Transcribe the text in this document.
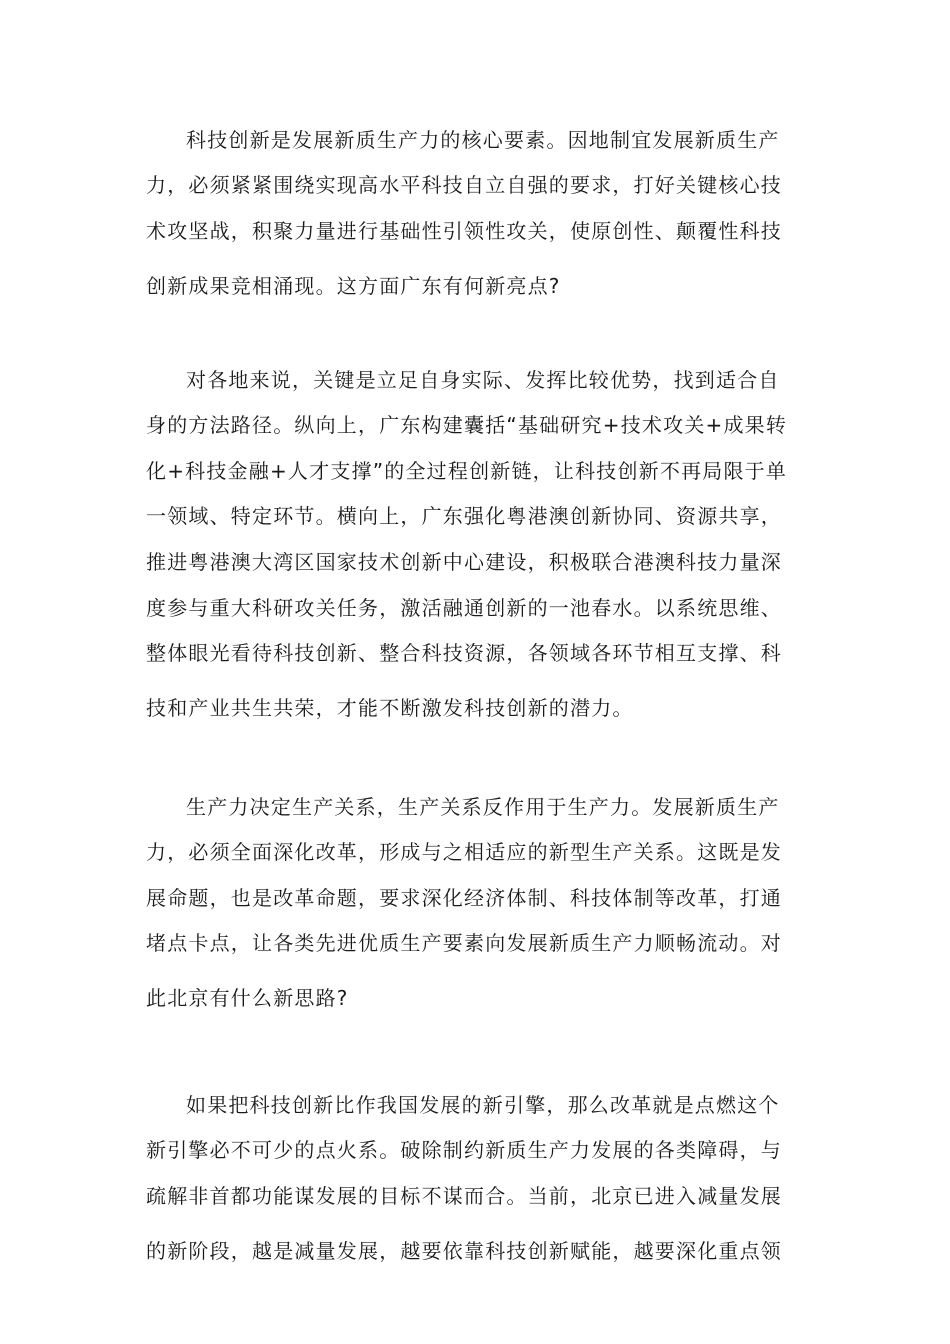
科技创新是发展新质生产力的核心要素。因地制宜发展新质生产
力，必须紧紧围绕实现高水平科技自立自强的要求，打好关键核心技
术攻坚战，积聚力量进行基础性引领性攻关，使原创性、颠覆性科技
创新成果竞相涌现。这方面广东有何新亮点?
对各地来说，关键是立足自身实际、发挥比较优势，找到适合自
身的方法路径。纵向上，广东构建囊括“基础研究+技术攻关+成果转
化+科技金融+人才支撑”的全过程创新链，让科技创新不再局限于单
一领域、特定环节。横向上，广东强化粤港澳创新协同、资源共享，
推进粤港澳大湾区国家技术创新中心建设，积极联合港澳科技力量深
度参与重大科研攻关任务，激活融通创新的一池春水。以系统思维、
整体眼光看待科技创新、整合科技资源，各领域各环节相互支撑、科
技和产业共生共荣，才能不断激发科技创新的潜力。
生产力决定生产关系，生产关系反作用于生产力。发展新质生产
力，必须全面深化改革，形成与之相适应的新型生产关系。这既是发
展命题，也是改革命题，要求深化经济体制、科技体制等改革，打通
堵点卡点，让各类先进优质生产要素向发展新质生产力顺畅流动。对
此北京有什么新思路?
如果把科技创新比作我国发展的新引擎，那么改革就是点燃这个
新引擎必不可少的点火系。破除制约新质生产力发展的各类障碍，与
疏解非首都功能谋发展的目标不谋而合。当前，北京已进入减量发展
的新阶段，越是减量发展，越要依靠科技创新赋能，越要深化重点领
